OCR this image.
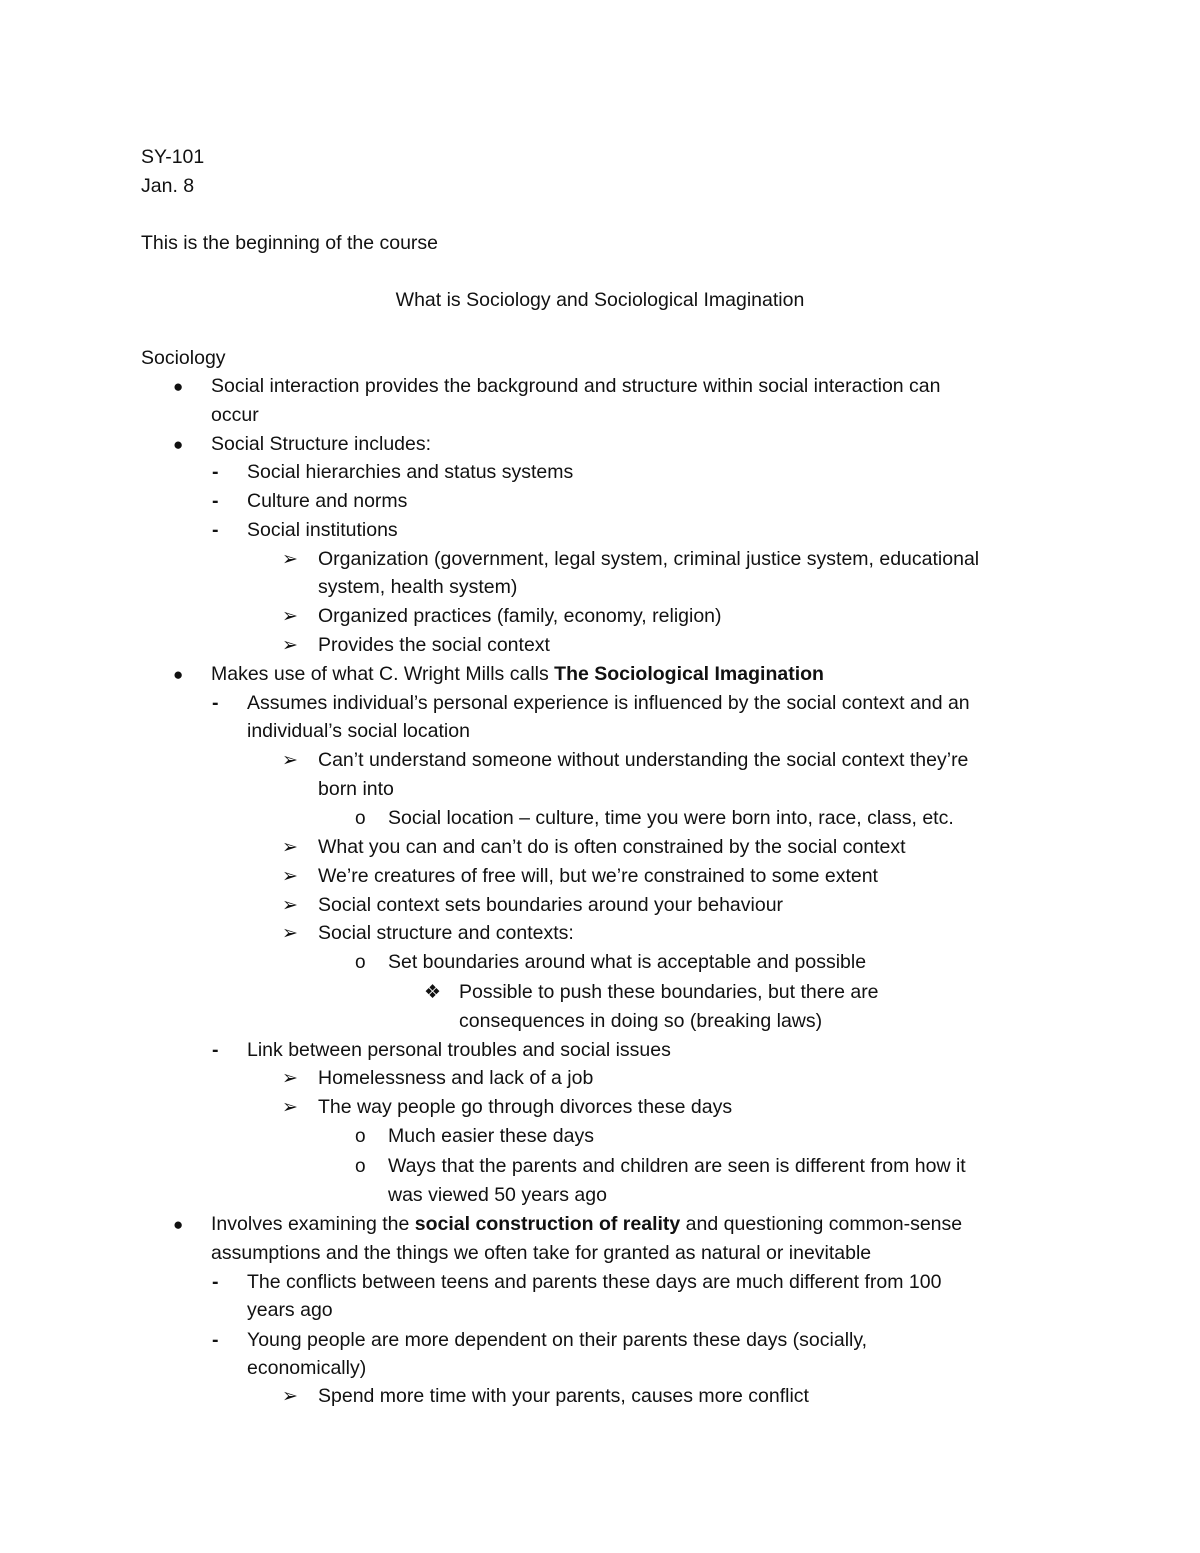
SY-101
Jan. 8
This is the beginning of the course
What is Sociology and Sociological Imagination
Sociology
● Social interaction provides the background and structure within social interaction can
occur
● Social Structure includes:
- Social hierarchies and status systems
- Culture and norms
- Social institutions
➢ Organization (government, legal system, criminal justice system, educational
system, health system)
➢ Organized practices (family, economy, religion)
➢ Provides the social context
● Makes use of what C. Wright Mills calls The Sociological Imagination
- Assumes individual’s personal experience is influenced by the social context and an
individual’s social location
➢ Can’t understand someone without understanding the social context they’re
born into
o Social location – culture, time you were born into, race, class, etc.
➢ What you can and can’t do is often constrained by the social context
➢ We’re creatures of free will, but we’re constrained to some extent
➢ Social context sets boundaries around your behaviour
➢ Social structure and contexts:
o Set boundaries around what is acceptable and possible
❖ Possible to push these boundaries, but there are
consequences in doing so (breaking laws)
- Link between personal troubles and social issues
➢ Homelessness and lack of a job
➢ The way people go through divorces these days
o Much easier these days
o Ways that the parents and children are seen is different from how it
was viewed 50 years ago
● Involves examining the social construction of reality and questioning common-sense
assumptions and the things we often take for granted as natural or inevitable
- The conflicts between teens and parents these days are much different from 100
years ago
- Young people are more dependent on their parents these days (socially,
economically)
➢ Spend more time with your parents, causes more conflict
